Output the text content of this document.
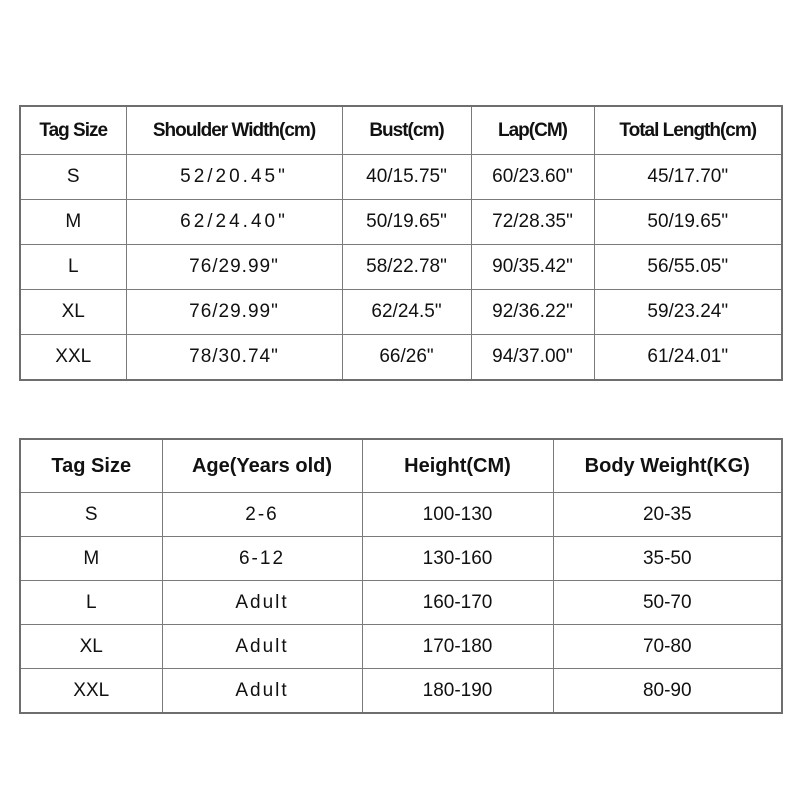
Tag Size	Shoulder Width(cm)	Bust(cm)	Lap(CM)	Total Length(cm)
S	52/20.45"	40/15.75"	60/23.60"	45/17.70"
M	62/24.40"	50/19.65"	72/28.35"	50/19.65"
L	76/29.99"	58/22.78"	90/35.42"	56/55.05"
XL	76/29.99"	62/24.5"	92/36.22"	59/23.24"
XXL	78/30.74"	66/26"	94/37.00"	61/24.01"
Tag Size	Age(Years old)	Height(CM)	Body Weight(KG)
S	2-6	100-130	20-35
M	6-12	130-160	35-50
L	Adult	160-170	50-70
XL	Adult	170-180	70-80
XXL	Adult	180-190	80-90
